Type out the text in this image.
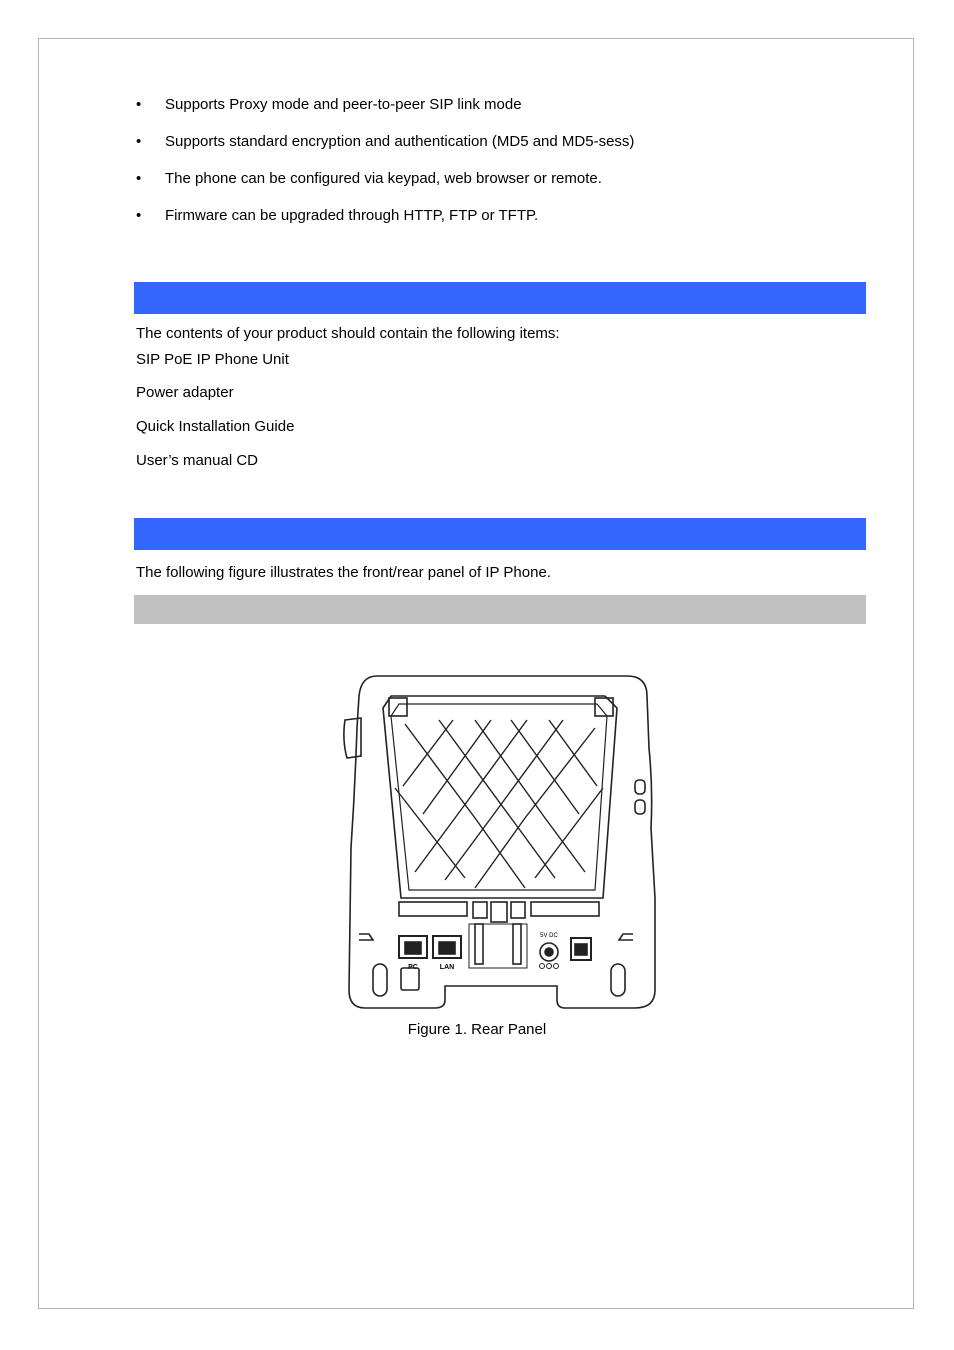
• Supports Proxy mode and peer-to-peer SIP link mode
• Supports standard encryption and authentication (MD5 and MD5-sess)
• The phone can be configured via keypad, web browser or remote.
• Firmware can be upgraded through HTTP, FTP or TFTP.
The contents of your product should contain the following items:
SIP PoE IP Phone Unit
Power adapter
Quick Installation Guide
User’s manual CD
The following figure illustrates the front/rear panel of IP Phone.
PC	LAN
5V DC
Figure 1. Rear Panel
